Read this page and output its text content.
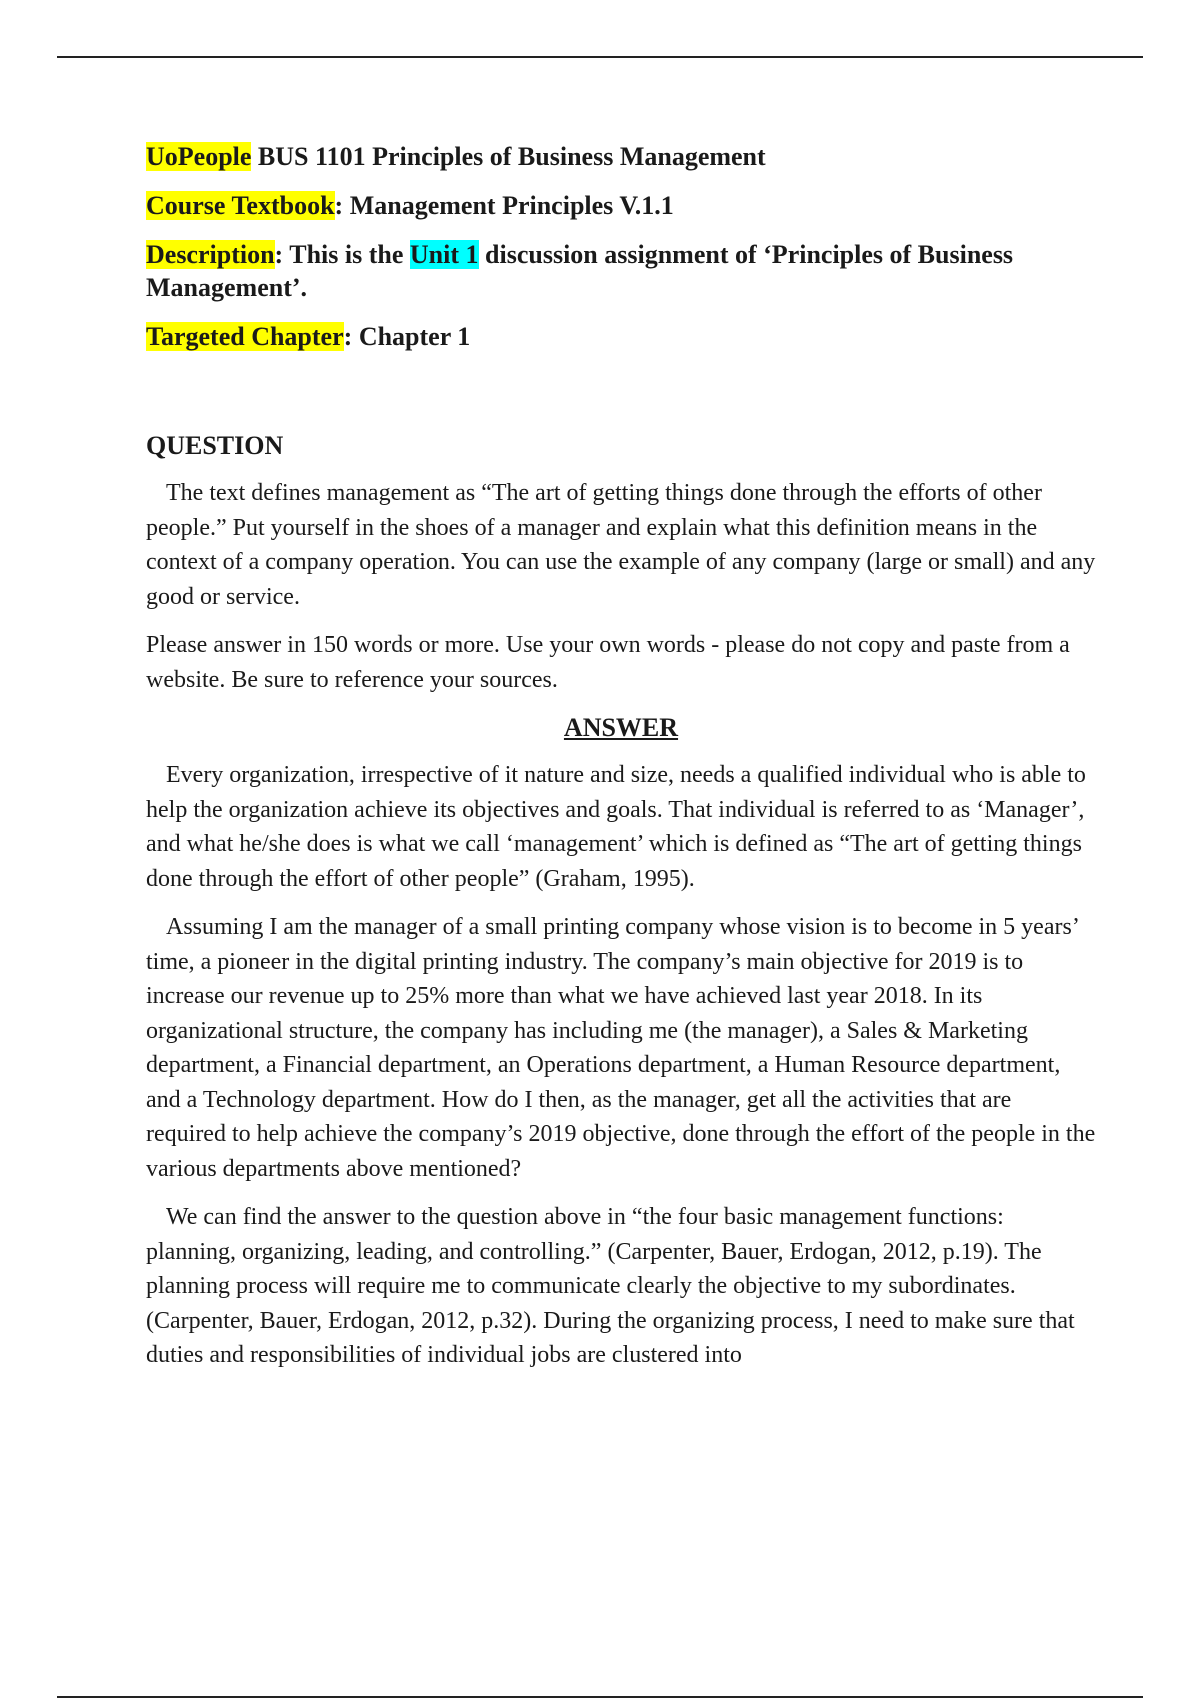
UoPeople BUS 1101 Principles of Business Management

Course Textbook: Management Principles V.1.1

Description: This is the Unit 1 discussion assignment of ‘Principles of Business Management’.

Targeted Chapter: Chapter 1

QUESTION

The text defines management as “The art of getting things done through the efforts of other people.” Put yourself in the shoes of a manager and explain what this definition means in the context of a company operation. You can use the example of any company (large or small) and any good or service.

Please answer in 150 words or more. Use your own words - please do not copy and paste from a website. Be sure to reference your sources.

ANSWER

Every organization, irrespective of it nature and size, needs a qualified individual who is able to help the organization achieve its objectives and goals. That individual is referred to as ‘Manager’, and what he/she does is what we call ‘management’ which is defined as “The art of getting things done through the effort of other people” (Graham, 1995).

Assuming I am the manager of a small printing company whose vision is to become in 5 years’ time, a pioneer in the digital printing industry. The company’s main objective for 2019 is to increase our revenue up to 25% more than what we have achieved last year 2018. In its organizational structure, the company has including me (the manager), a Sales & Marketing department, a Financial department, an Operations department, a Human Resource department, and a Technology department. How do I then, as the manager, get all the activities that are required to help achieve the company’s 2019 objective, done through the effort of the people in the various departments above mentioned?

We can find the answer to the question above in “the four basic management functions: planning, organizing, leading, and controlling.” (Carpenter, Bauer, Erdogan, 2012, p.19). The planning process will require me to communicate clearly the objective to my subordinates. (Carpenter, Bauer, Erdogan, 2012, p.32). During the organizing process, I need to make sure that duties and responsibilities of individual jobs are clustered into
